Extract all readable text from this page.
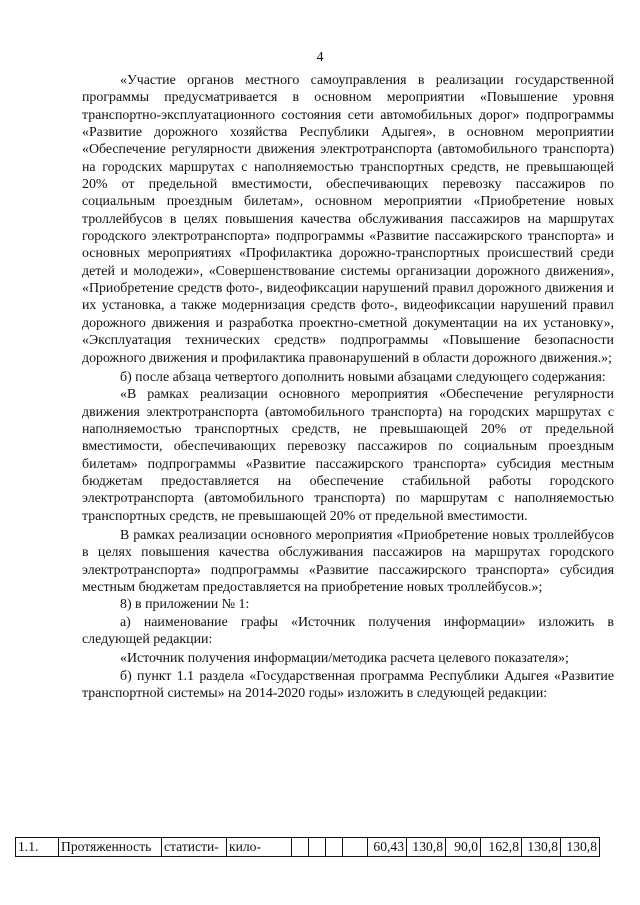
4

«Участие органов местного самоуправления в реализации государственной программы предусматривается в основном мероприятии «Повышение уровня транспортно-эксплуатационного состояния сети автомобильных дорог» подпрограммы «Развитие дорожного хозяйства Республики Адыгея», в основном мероприятии «Обеспечение регулярности движения электротранспорта (автомобильного транспорта) на городских маршрутах с наполняемостью транспортных средств, не превышающей 20% от предельной вместимости, обеспечивающих перевозку пассажиров по социальным проездным билетам», основном мероприятии «Приобретение новых троллейбусов в целях повышения качества обслуживания пассажиров на маршрутах городского электротранспорта» подпрограммы «Развитие пассажирского транспорта» и основных мероприятиях «Профилактика дорожно-транспортных происшествий среди детей и молодежи», «Совершенствование системы организации дорожного движения», «Приобретение средств фото-, видеофиксации нарушений правил дорожного движения и их установка, а также модернизация средств фото-, видеофиксации нарушений правил дорожного движения и разработка проектно-сметной документации на их установку», «Эксплуатация технических средств» подпрограммы «Повышение безопасности дорожного движения и профилактика правонарушений в области дорожного движения.»;

б) после абзаца четвертого дополнить новыми абзацами следующего содержания:

«В рамках реализации основного мероприятия «Обеспечение регулярности движения электротранспорта (автомобильного транспорта) на городских маршрутах с наполняемостью транспортных средств, не превышающей 20% от предельной вместимости, обеспечивающих перевозку пассажиров по социальным проездным билетам» подпрограммы «Развитие пассажирского транспорта» субсидия местным бюджетам предоставляется на обеспечение стабильной работы городского электротранспорта (автомобильного транспорта) по маршрутам с наполняемостью транспортных средств, не превышающей 20% от предельной вместимости.

В рамках реализации основного мероприятия «Приобретение новых троллейбусов в целях повышения качества обслуживания пассажиров на маршрутах городского электротранспорта» подпрограммы «Развитие пассажирского транспорта» субсидия местным бюджетам предоставляется на приобретение новых троллейбусов.»;

8) в приложении № 1:

а) наименование графы «Источник получения информации» изложить в следующей редакции:

«Источник получения информации/методика расчета целевого показателя»;

б) пункт 1.1 раздела «Государственная программа Республики Адыгея «Развитие транспортной системы» на 2014-2020 годы» изложить в следующей редакции:

1.1.	Протяженность	статисти-	кило-					60,43	130,8	90,0	162,8	130,8	130,8
